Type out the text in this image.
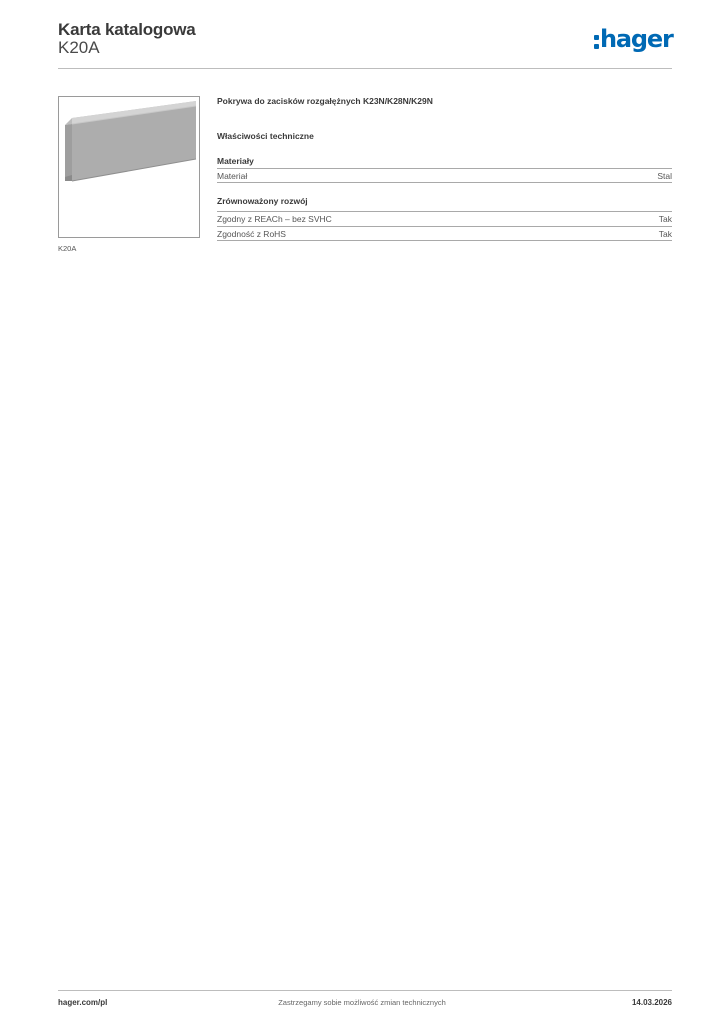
Karta katalogowa
K20A	hager
K20A
Pokrywa do zacisków rozgałężnych K23N/K28N/K29N
Właściwości techniczne
Materiały
Materiał	Stal
Zrównoważony rozwój
Zgodny z REACh – bez SVHC	Tak
Zgodność z RoHS	Tak
hager.com/pl	Zastrzegamy sobie możliwość zmian technicznych	14.03.2026
